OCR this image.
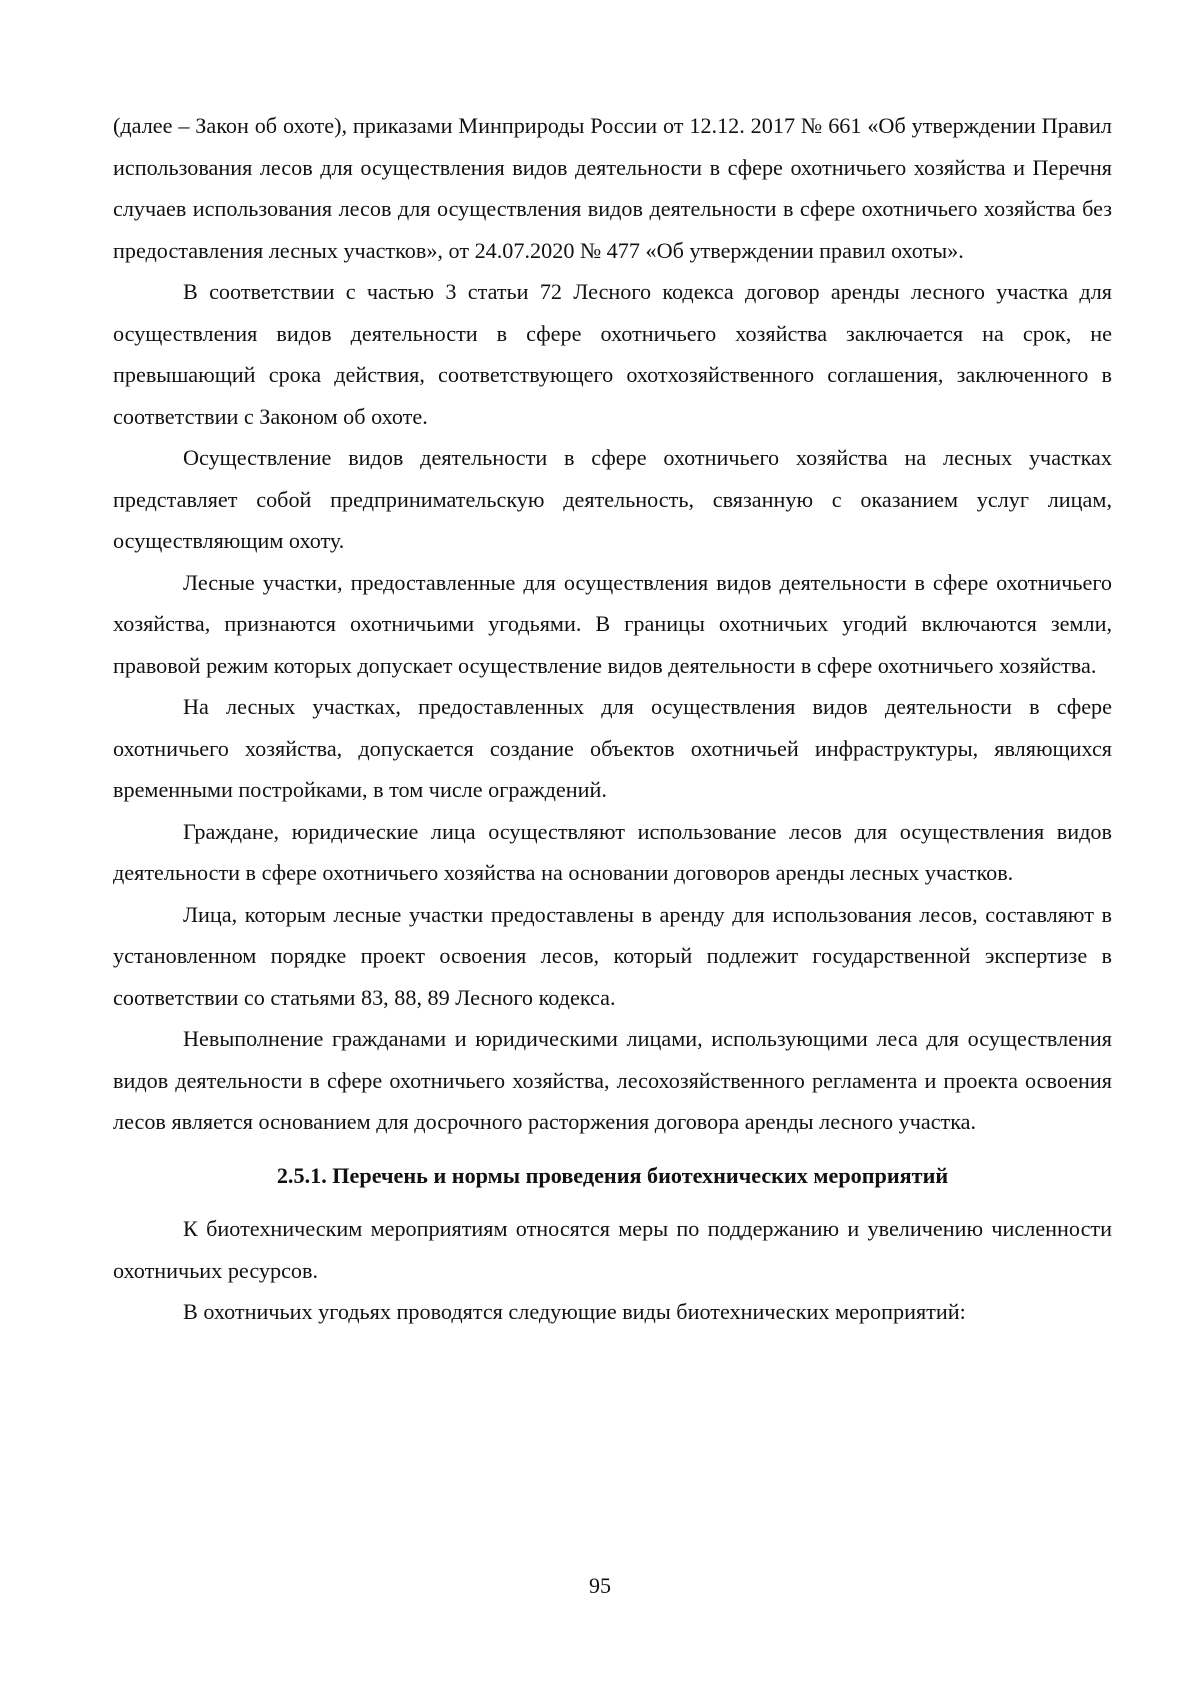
(далее – Закон об охоте), приказами Минприроды России от 12.12. 2017 № 661 «Об утверждении Правил использования лесов для осуществления видов деятельности в сфере охотничьего хозяйства и Перечня случаев использования лесов для осуществления видов деятельности в сфере охотничьего хозяйства без предоставления лесных участков», от 24.07.2020 № 477 «Об утверждении правил охоты».

В соответствии с частью 3 статьи 72 Лесного кодекса договор аренды лесного участка для осуществления видов деятельности в сфере охотничьего хозяйства заключается на срок, не превышающий срока действия, соответствующего охотхозяйственного соглашения, заключенного в соответствии с Законом об охоте.

Осуществление видов деятельности в сфере охотничьего хозяйства на лесных участках представляет собой предпринимательскую деятельность, связанную с оказанием услуг лицам, осуществляющим охоту.

Лесные участки, предоставленные для осуществления видов деятельности в сфере охотничьего хозяйства, признаются охотничьими угодьями. В границы охотничьих угодий включаются земли, правовой режим которых допускает осуществление видов деятельности в сфере охотничьего хозяйства.

На лесных участках, предоставленных для осуществления видов деятельности в сфере охотничьего хозяйства, допускается создание объектов охотничьей инфраструктуры, являющихся временными постройками, в том числе ограждений.

Граждане, юридические лица осуществляют использование лесов для осуществления видов деятельности в сфере охотничьего хозяйства на основании договоров аренды лесных участков.

Лица, которым лесные участки предоставлены в аренду для использования лесов, составляют в установленном порядке проект освоения лесов, который подлежит государственной экспертизе в соответствии со статьями 83, 88, 89 Лесного кодекса.

Невыполнение гражданами и юридическими лицами, использующими леса для осуществления видов деятельности в сфере охотничьего хозяйства, лесохозяйственного регламента и проекта освоения лесов является основанием для досрочного расторжения договора аренды лесного участка.

2.5.1. Перечень и нормы проведения биотехнических мероприятий

К биотехническим мероприятиям относятся меры по поддержанию и увеличению численности охотничьих ресурсов.

В охотничьих угодьях проводятся следующие виды биотехнических мероприятий:

95
